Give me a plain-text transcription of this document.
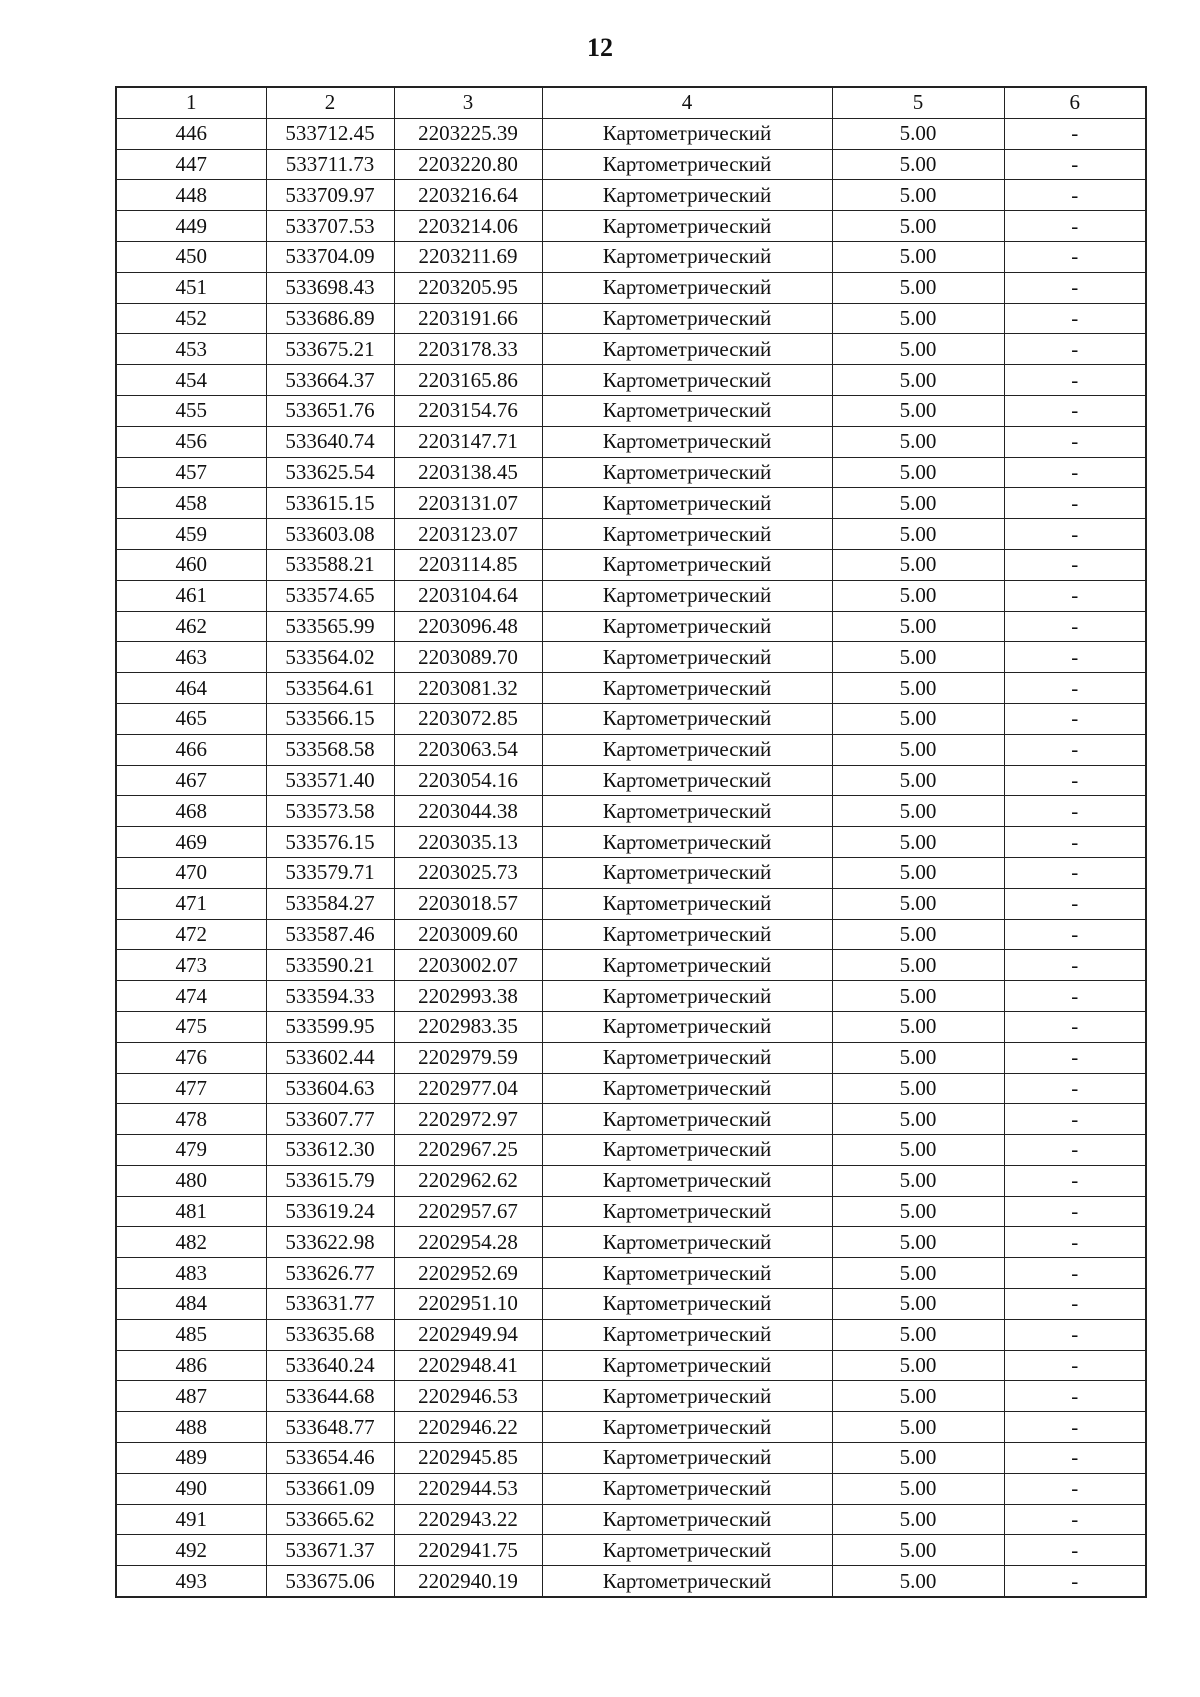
12
1	2	3	4	5	6
446	533712.45	2203225.39	Картометрический	5.00	-
447	533711.73	2203220.80	Картометрический	5.00	-
448	533709.97	2203216.64	Картометрический	5.00	-
449	533707.53	2203214.06	Картометрический	5.00	-
450	533704.09	2203211.69	Картометрический	5.00	-
451	533698.43	2203205.95	Картометрический	5.00	-
452	533686.89	2203191.66	Картометрический	5.00	-
453	533675.21	2203178.33	Картометрический	5.00	-
454	533664.37	2203165.86	Картометрический	5.00	-
455	533651.76	2203154.76	Картометрический	5.00	-
456	533640.74	2203147.71	Картометрический	5.00	-
457	533625.54	2203138.45	Картометрический	5.00	-
458	533615.15	2203131.07	Картометрический	5.00	-
459	533603.08	2203123.07	Картометрический	5.00	-
460	533588.21	2203114.85	Картометрический	5.00	-
461	533574.65	2203104.64	Картометрический	5.00	-
462	533565.99	2203096.48	Картометрический	5.00	-
463	533564.02	2203089.70	Картометрический	5.00	-
464	533564.61	2203081.32	Картометрический	5.00	-
465	533566.15	2203072.85	Картометрический	5.00	-
466	533568.58	2203063.54	Картометрический	5.00	-
467	533571.40	2203054.16	Картометрический	5.00	-
468	533573.58	2203044.38	Картометрический	5.00	-
469	533576.15	2203035.13	Картометрический	5.00	-
470	533579.71	2203025.73	Картометрический	5.00	-
471	533584.27	2203018.57	Картометрический	5.00	-
472	533587.46	2203009.60	Картометрический	5.00	-
473	533590.21	2203002.07	Картометрический	5.00	-
474	533594.33	2202993.38	Картометрический	5.00	-
475	533599.95	2202983.35	Картометрический	5.00	-
476	533602.44	2202979.59	Картометрический	5.00	-
477	533604.63	2202977.04	Картометрический	5.00	-
478	533607.77	2202972.97	Картометрический	5.00	-
479	533612.30	2202967.25	Картометрический	5.00	-
480	533615.79	2202962.62	Картометрический	5.00	-
481	533619.24	2202957.67	Картометрический	5.00	-
482	533622.98	2202954.28	Картометрический	5.00	-
483	533626.77	2202952.69	Картометрический	5.00	-
484	533631.77	2202951.10	Картометрический	5.00	-
485	533635.68	2202949.94	Картометрический	5.00	-
486	533640.24	2202948.41	Картометрический	5.00	-
487	533644.68	2202946.53	Картометрический	5.00	-
488	533648.77	2202946.22	Картометрический	5.00	-
489	533654.46	2202945.85	Картометрический	5.00	-
490	533661.09	2202944.53	Картометрический	5.00	-
491	533665.62	2202943.22	Картометрический	5.00	-
492	533671.37	2202941.75	Картометрический	5.00	-
493	533675.06	2202940.19	Картометрический	5.00	-
